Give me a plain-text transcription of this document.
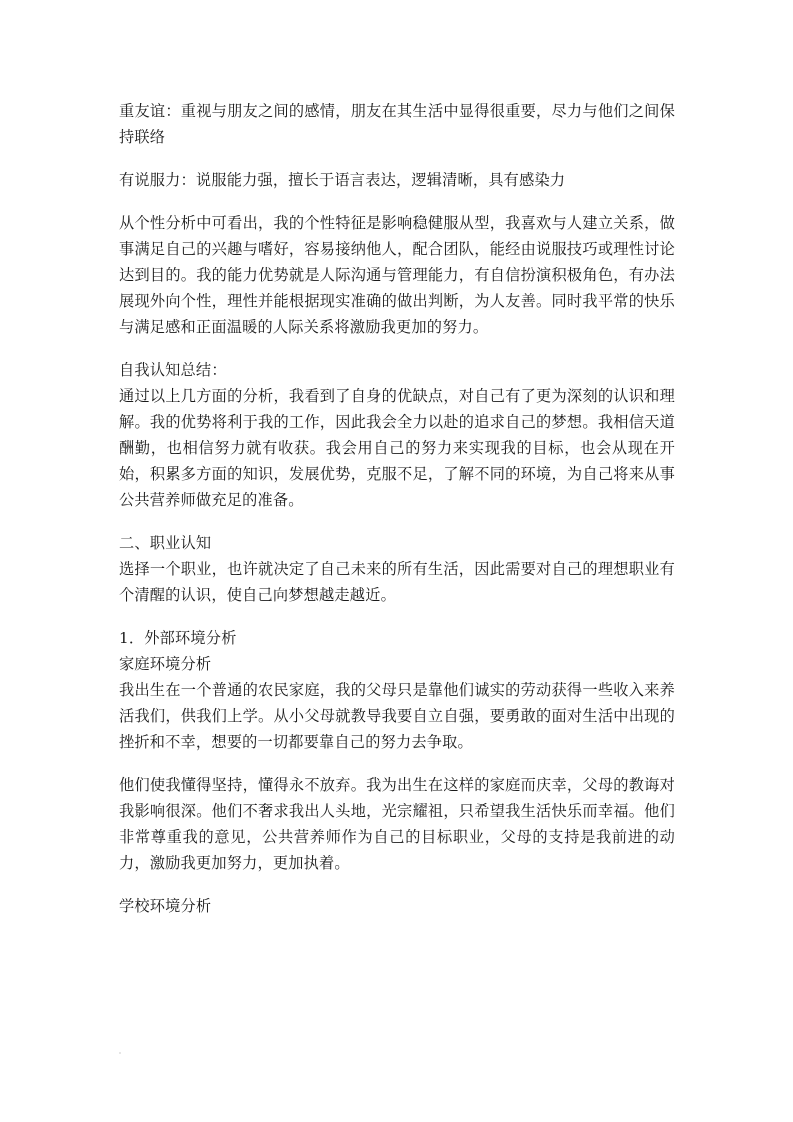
重友谊：重视与朋友之间的感情，朋友在其生活中显得很重要，尽力与他们之间保持联络

有说服力：说服能力强，擅长于语言表达，逻辑清晰，具有感染力

从个性分析中可看出，我的个性特征是影响稳健服从型，我喜欢与人建立关系，做事满足自己的兴趣与嗜好，容易接纳他人，配合团队，能经由说服技巧或理性讨论达到目的。我的能力优势就是人际沟通与管理能力，有自信扮演积极角色，有办法展现外向个性，理性并能根据现实准确的做出判断，为人友善。同时我平常的快乐与满足感和正面温暖的人际关系将激励我更加的努力。

自我认知总结：

通过以上几方面的分析，我看到了自身的优缺点，对自己有了更为深刻的认识和理解。我的优势将利于我的工作，因此我会全力以赴的追求自己的梦想。我相信天道酬勤，也相信努力就有收获。我会用自己的努力来实现我的目标，也会从现在开始，积累多方面的知识，发展优势，克服不足，了解不同的环境，为自己将来从事公共营养师做充足的准备。

二、职业认知

选择一个职业，也许就决定了自己未来的所有生活，因此需要对自己的理想职业有个清醒的认识，使自己向梦想越走越近。

1．外部环境分析

家庭环境分析

我出生在一个普通的农民家庭，我的父母只是靠他们诚实的劳动获得一些收入来养活我们，供我们上学。从小父母就教导我要自立自强，要勇敢的面对生活中出现的挫折和不幸，想要的一切都要靠自己的努力去争取。

他们使我懂得坚持，懂得永不放弃。我为出生在这样的家庭而庆幸，父母的教诲对我影响很深。他们不奢求我出人头地，光宗耀祖，只希望我生活快乐而幸福。他们非常尊重我的意见，公共营养师作为自己的目标职业，父母的支持是我前进的动力，激励我更加努力，更加执着。

学校环境分析
